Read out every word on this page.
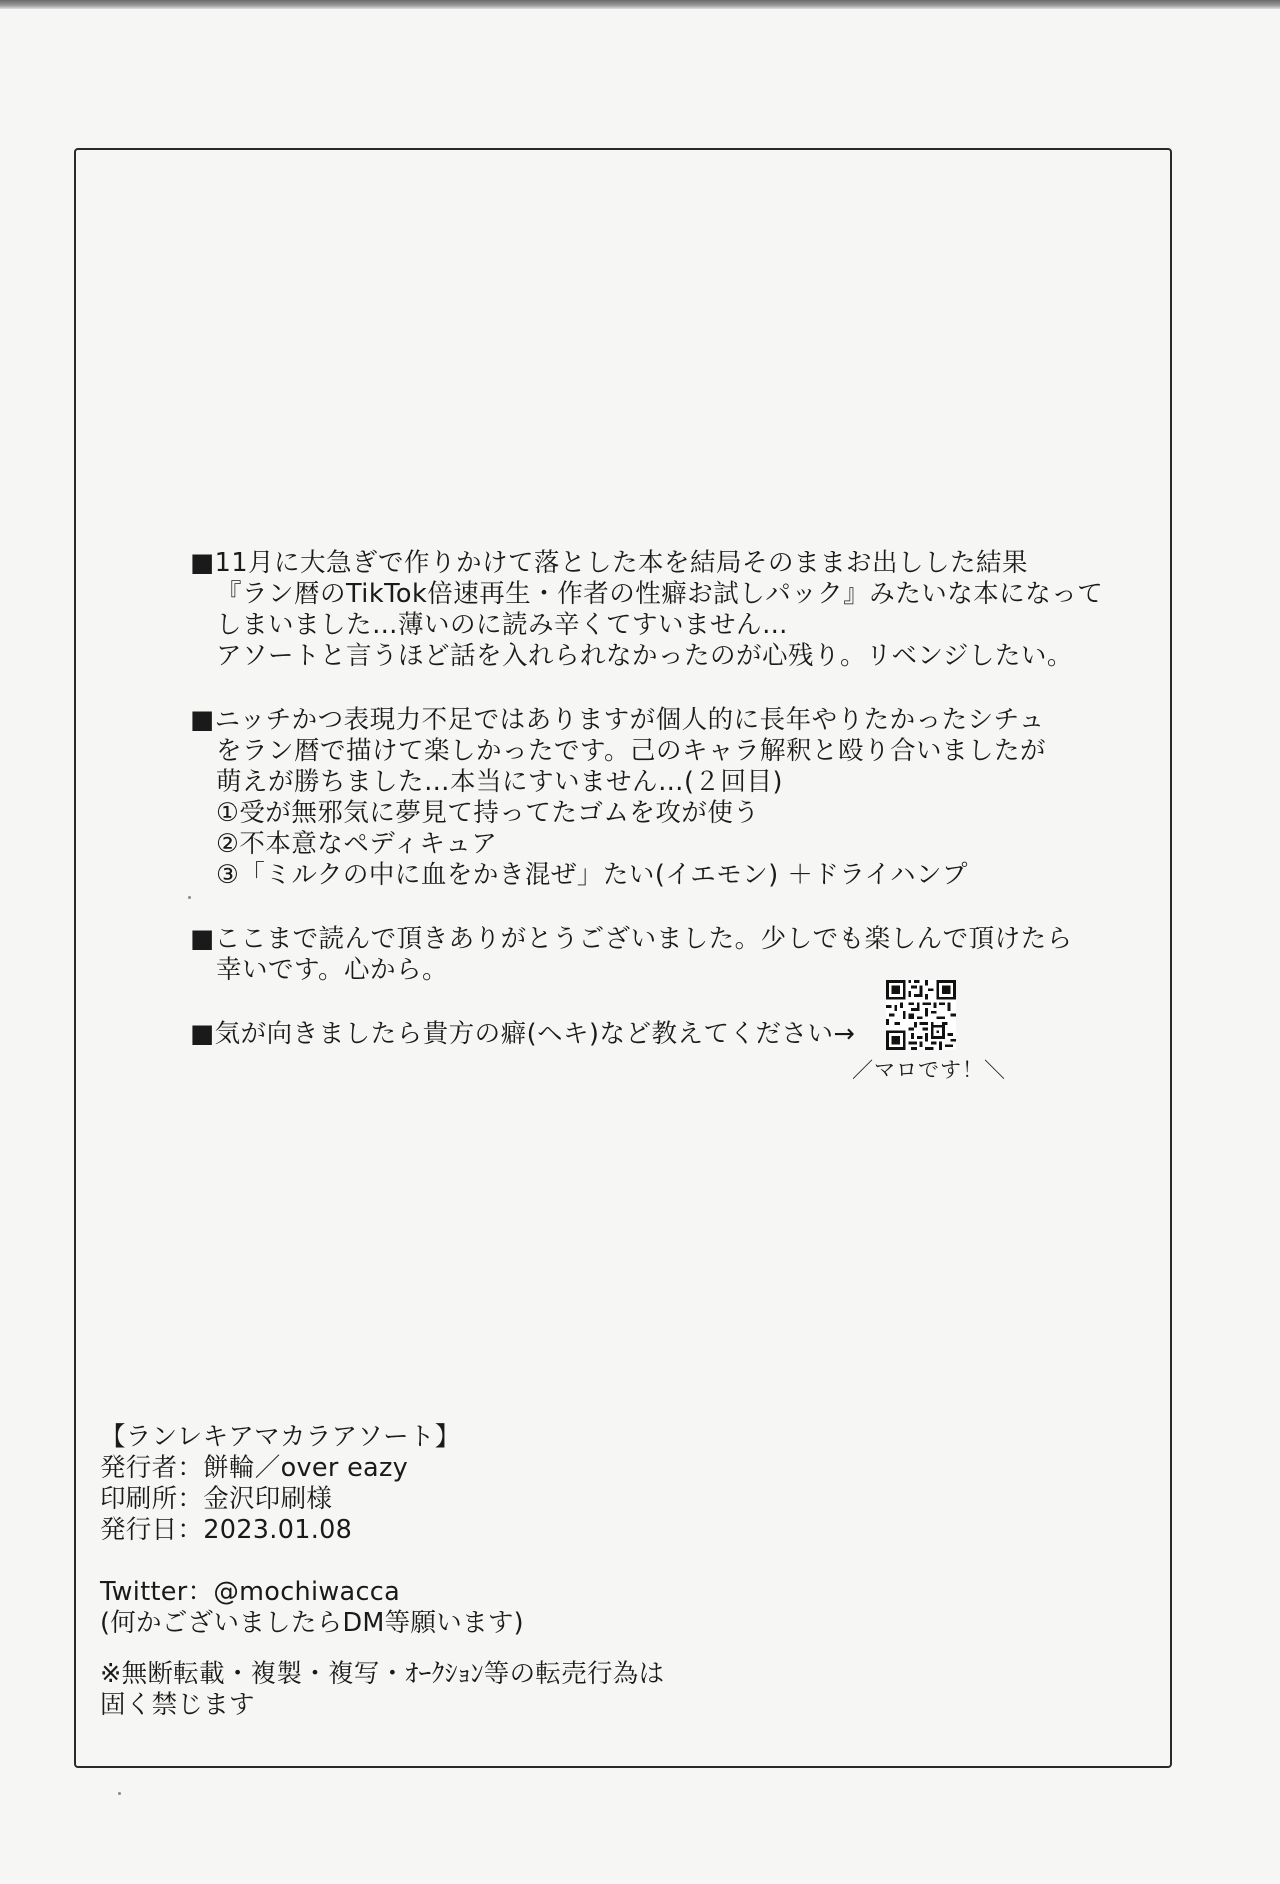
■11月に大急ぎで作りかけて落とした本を結局そのままお出しした結果
『ラン暦のTikTok倍速再生・作者の性癖お試しパック』みたいな本になって
しまいました…薄いのに読み辛くてすいません…
アソートと言うほど話を入れられなかったのが心残り。リベンジしたい。
■ニッチかつ表現力不足ではありますが個人的に長年やりたかったシチュ
をラン暦で描けて楽しかったです。己のキャラ解釈と殴り合いましたが
萌えが勝ちました…本当にすいません…(２回目)
①受が無邪気に夢見て持ってたゴムを攻が使う
②不本意なペディキュア
③「ミルクの中に血をかき混ぜ」たい(イエモン) ＋ドライハンプ
■ここまで読んで頂きありがとうございました。少しでも楽しんで頂けたら
幸いです。心から。
■気が向きましたら貴方の癖(ヘキ)など教えてください→
／マロです！＼
【ランレキアマカラアソート】
発行者：餅輪／over eazy
印刷所：金沢印刷様
発行日：2023.01.08
Twitter：@mochiwacca
(何かございましたらDM等願います)
※無断転載・複製・複写・ｵｰｸｼｮﾝ等の転売行為は
固く禁じます
